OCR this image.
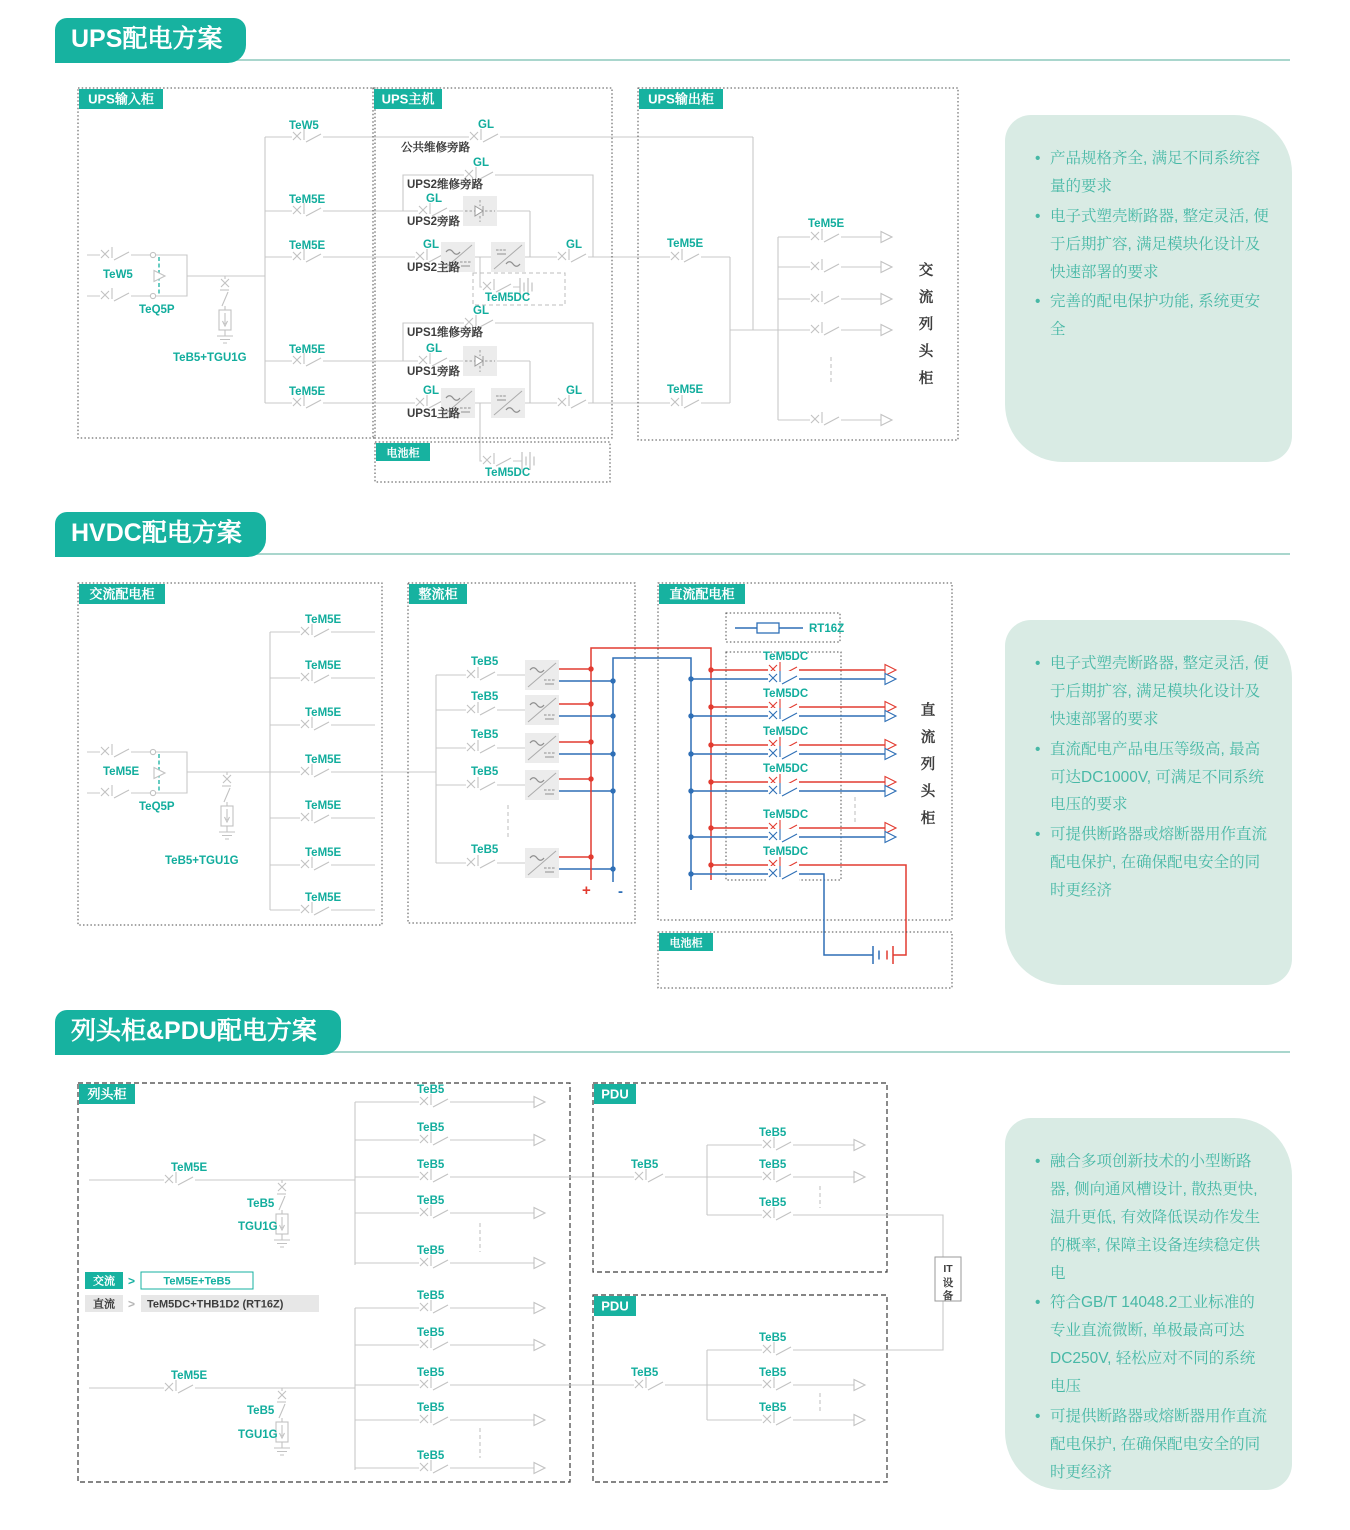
UPS配电方案
UPS输入柜
TeW5
TeQ5P
TeB5+TGU1G
TeW5
TeM5E
TeM5E
TeM5E
TeM5E
UPS主机
GL
GL
GL
GL	GL
GL
GL
GL	GL
TeM5DC
公共维修旁路
UPS2维修旁路
UPS2旁路
UPS2主路
UPS1维修旁路
UPS1旁路
UPS1主路
电池柜
TeM5DC
UPS输出柜
TeM5E
TeM5E
TeM5E
交
流
列
头
柜
• 产品规格齐全, 满足不同系统容量的要求
• 电子式塑壳断路器, 整定灵活, 便于后期扩容, 满足模块化设计及快速部署的要求
• 完善的配电保护功能, 系统更安全
HVDC配电方案
交流配电柜
TeM5E
TeQ5P
TeB5+TGU1G
TeM5E
TeM5E
TeM5E
TeM5E
TeM5E
TeM5E
TeM5E
整流柜
TeB5
TeB5
TeB5
TeB5
TeB5
+ -
直流配电柜
RT16Z
TeM5DC
TeM5DC
TeM5DC
TeM5DC
TeM5DC
TeM5DC
直
流
列
头
柜
电池柜
• 电子式塑壳断路器, 整定灵活, 便于后期扩容, 满足模块化设计及快速部署的要求
• 直流配电产品电压等级高, 最高可达DC1000V, 可满足不同系统电压的要求
• 可提供断路器或熔断器用作直流配电保护, 在确保配电安全的同时更经济
列头柜&PDU配电方案
列头柜
TeM5E
TeB5
TGU1G
TeB5
TeB5
TeB5
TeB5
TeB5
TeM5E
TeB5
TGU1G
TeB5
TeB5
TeB5
TeB5
TeB5
交流 >	TeM5E+TeB5
直流 > TeM5DC+THB1D2 (RT16Z)
PDU
TeB5
TeB5
TeB5
TeB5
PDU
TeB5
TeB5
TeB5
TeB5
IT
设
备
• 融合多项创新技术的小型断路器, 侧向通风槽设计, 散热更快, 温升更低, 有效降低误动作发生的概率, 保障主设备连续稳定供电
• 符合GB/T 14048.2工业标准的专业直流微断, 单极最高可达DC250V, 轻松应对不同的系统电压
• 可提供断路器或熔断器用作直流配电保护, 在确保配电安全的同时更经济
